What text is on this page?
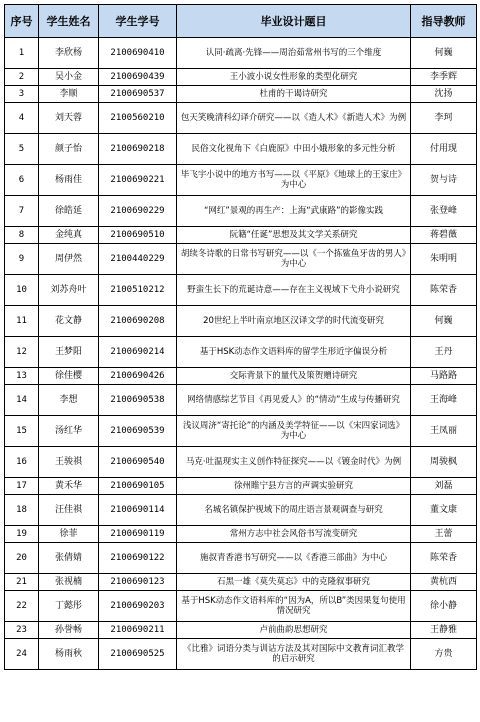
序号	学生姓名	学生学号	毕业设计题目	指导教师
1	李欣杨	2100690410	认同·疏离·先锋——周治茹常州书写的三个维度	何巍
2	吴小金	2100690439	王小波小说女性形象的类型化研究	李季辉
3	李顺	2100690537	杜甫的干谒诗研究	沈扬
4	刘天蓉	2100560210	包天笑晚清科幻译介研究——以《造人术》《新造人术》为例	李珂
5	颜子怡	2100690218	民俗文化视角下《白鹿原》中田小娥形象的多元性分析	付用现
6	杨雨佳	2100690221	毕飞宇小说中的地方书写——以《平原》《地球上的王家庄》为中心	贺与诗
7	徐皓延	2100690229	“网红”景观的再生产：上海“武康路”的影像实践	张登峰
8	金纯真	2100690510	阮籍“任诞”思想及其文学关系研究	蒋碧薇
9	周伊然	2100440229	胡续冬诗歌的日常书写研究——以《一个拣鲨鱼牙齿的男人》为中心	朱明明
10	刘苏舟叶	2100510212	野蛮生长下的荒诞诗意——存在主义视域下弋舟小说研究	陈荣香
11	花文静	2100690208	20世纪上半叶南京地区汉译文学的时代流变研究	何巍
12	王梦阳	2100690214	基于HSK动态作文语料库的留学生形近字偏误分析	王丹
13	徐佳樱	2100690426	交际背景下的量代及策贺赠诗研究	马路路
14	李想	2100690538	网络情感综艺节目《再见爱人》的“情动”生成与传播研究	王海峰
15	汤红华	2100690539	浅议周济“寄托论”的内涵及美学特征——以《宋四家词选》为中心	王凤丽
16	王骏祺	2100690540	马克·吐温现实主义创作特征探究——以《镀金时代》为例	周骏枫
17	黄禾华	2100690105	徐州睢宁县方言的声调实验研究	刘磊
18	汪佳祺	2100690114	名城名镇保护视域下的周庄语言景观调查与研究	董文康
19	徐菲	2100690119	常州方志中社会风俗书写流变研究	王蕾
20	张倩婧	2100690122	施叔青香港书写研究——以《香港三部曲》为中心	陈荣香
21	张视楠	2100690123	石黑一雄《莫失莫忘》中的克隆叙事研究	黄杭西
22	丁懿彤	2100690203	基于HSK动态作文语料库的“因为A，所以B”类因果复句使用情况研究	徐小静
23	孙誉畅	2100690211	卢前曲韵思想研究	王静雅
24	杨雨秋	2100690525	《比雅》词语分类与训诂方法及其对国际中文教育词汇教学的启示研究	方贵
